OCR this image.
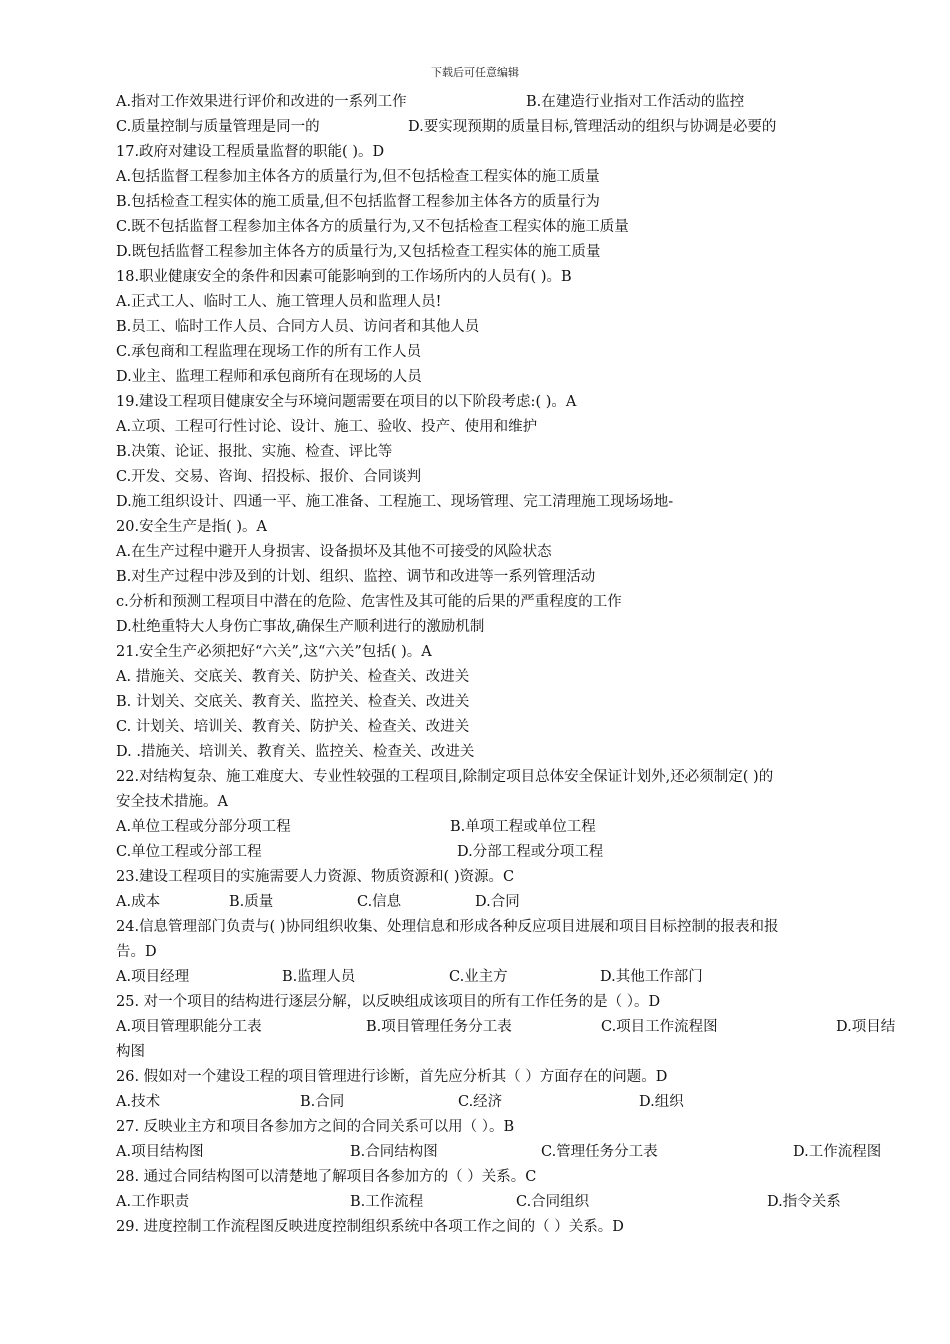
下载后可任意编辑
A.指对工作效果进行评价和改进的一系列工作	B.在建造行业指对工作活动的监控
C.质量控制与质量管理是同一的	D.要实现预期的质量目标,管理活动的组织与协调是必要的
17.政府对建设工程质量监督的职能( )。D
A.包括监督工程参加主体各方的质量行为,但不包括检查工程实体的施工质量
B.包括检查工程实体的施工质量,但不包括监督工程参加主体各方的质量行为
C.既不包括监督工程参加主体各方的质量行为,又不包括检查工程实体的施工质量
D.既包括监督工程参加主体各方的质量行为,又包括检查工程实体的施工质量
18.职业健康安全的条件和因素可能影响到的工作场所内的人员有( )。B
A.正式工人、临时工人、施工管理人员和监理人员!
B.员工、临时工作人员、合同方人员、访问者和其他人员
C.承包商和工程监理在现场工作的所有工作人员
D.业主、监理工程师和承包商所有在现场的人员
19.建设工程项目健康安全与环境问题需要在项目的以下阶段考虑:( )。A
A.立项、工程可行性讨论、设计、施工、验收、投产、使用和维护
B.决策、论证、报批、实施、检查、评比等
C.开发、交易、咨询、招投标、报价、合同谈判
D.施工组织设计、四通一平、施工准备、工程施工、现场管理、完工清理施工现场场地-
20.安全生产是指( )。A
A.在生产过程中避开人身损害、设备损坏及其他不可接受的风险状态
B.对生产过程中涉及到的计划、组织、监控、调节和改进等一系列管理活动
c.分析和预测工程项目中潜在的危险、危害性及其可能的后果的严重程度的工作
D.杜绝重特大人身伤亡事故,确保生产顺利进行的激励机制
21.安全生产必须把好“六关”,这“六关”包括( )。A
A. 措施关、交底关、教育关、防护关、检查关、改进关
B. 计划关、交底关、教育关、监控关、检查关、改进关
C. 计划关、培训关、教育关、防护关、检查关、改进关
D. .措施关、培训关、教育关、监控关、检查关、改进关
22.对结构复杂、施工难度大、专业性较强的工程项目,除制定项目总体安全保证计划外,还必须制定( )的
安全技术措施。A
A.单位工程或分部分项工程	B.单项工程或单位工程
C.单位工程或分部工程	D.分部工程或分项工程
23.建设工程项目的实施需要人力资源、物质资源和( )资源。C
A.成本	B.质量	C.信息	D.合同
24.信息管理部门负责与( )协同组织收集、处理信息和形成各种反应项目进展和项目目标控制的报表和报
告。D
A.项目经理	B.监理人员	C.业主方	D.其他工作部门
25. 对一个项目的结构进行逐层分解，以反映组成该项目的所有工作任务的是（ ）。D
A.项目管理职能分工表	B.项目管理任务分工表	C.项目工作流程图	D.项目结
构图
26. 假如对一个建设工程的项目管理进行诊断，首先应分析其（ ）方面存在的问题。D
A.技术	B.合同	C.经济	D.组织
27. 反映业主方和项目各参加方之间的合同关系可以用（ ）。B
A.项目结构图	B.合同结构图	C.管理任务分工表	D.工作流程图
28. 通过合同结构图可以清楚地了解项目各参加方的（ ）关系。C
A.工作职责	B.工作流程	C.合同组织	D.指令关系
29. 进度控制工作流程图反映进度控制组织系统中各项工作之间的（ ）关系。D
